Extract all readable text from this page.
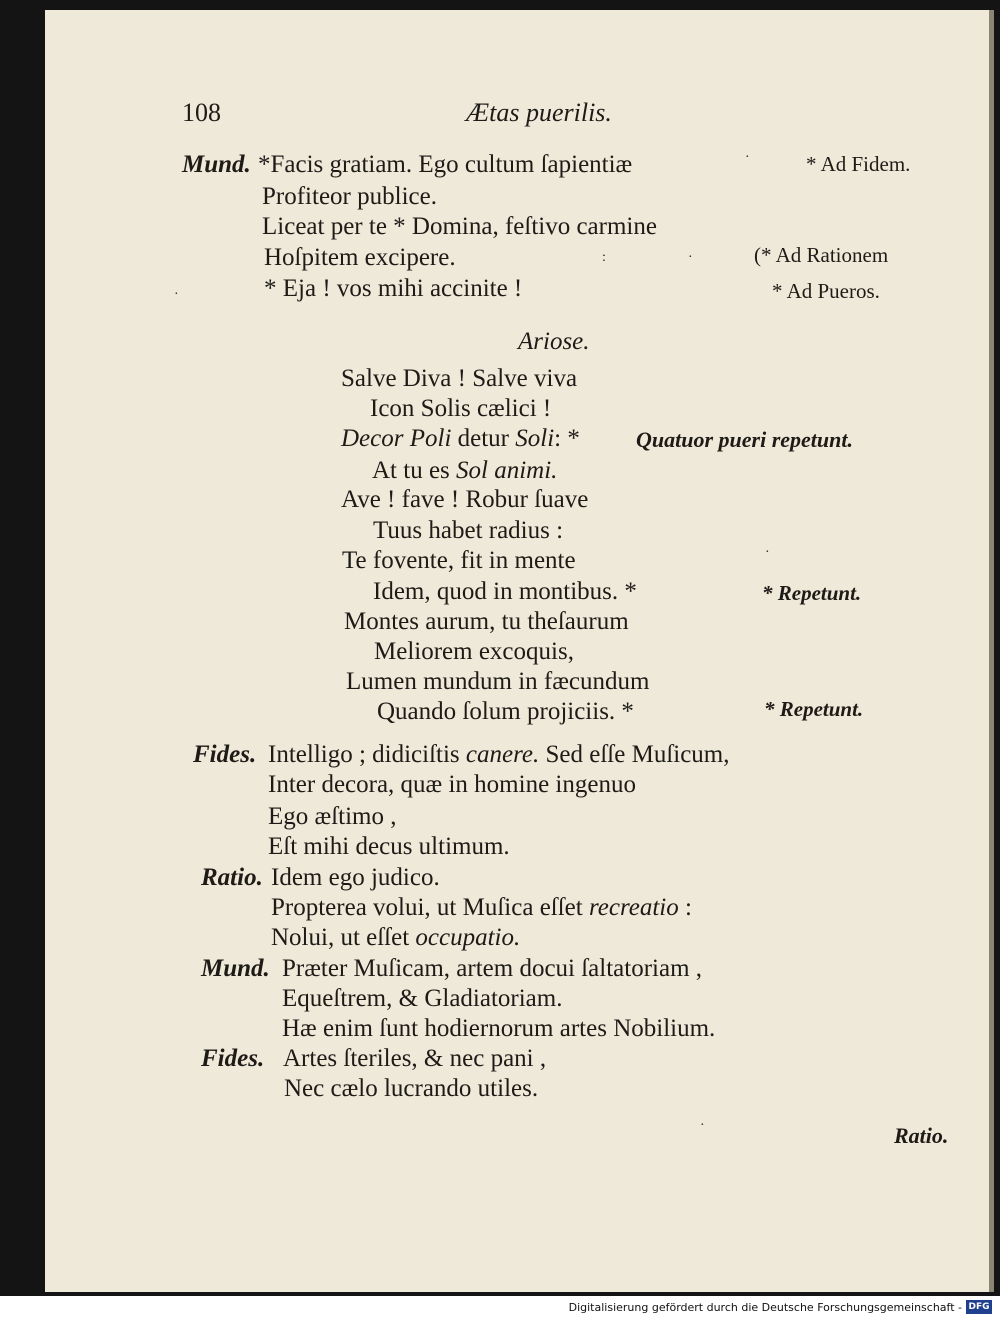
·
:	·
·
·
·
108	Ætas puerilis.
Mund. *Facis gratiam. Ego cultum ſapientiæ	* Ad Fidem.
Profiteor publice.
Liceat per te * Domina, feſtivo carmine
Hoſpitem excipere.	(* Ad Rationem
* Eja ! vos mihi accinite !	* Ad Pueros.
Ariose.
Salve Diva ! Salve viva
Icon Solis cælici !
Decor Poli detur Soli: *	Quatuor pueri repetunt.
At tu es Sol animi.
Ave ! fave ! Robur ſuave
Tuus habet radius :
Te fovente, fit in mente
Idem, quod in montibus. *	* Repetunt.
Montes aurum, tu theſaurum
Meliorem excoquis,
Lumen mundum in fæcundum
Quando ſolum projiciis. *	* Repetunt.
Fides. Intelligo ; didiciſtis canere. Sed eſſe Muſicum,
Inter decora, quæ in homine ingenuo
Ego æſtimo ,
Eſt mihi decus ultimum.
Ratio. Idem ego judico.
Propterea volui, ut Muſica eſſet recreatio :
Nolui, ut eſſet occupatio.
Mund. Præter Muſicam, artem docui ſaltatoriam ,
Equeſtrem, & Gladiatoriam.
Hæ enim ſunt hodiernorum artes Nobilium.
Fides. Artes ſteriles, & nec pani ,
Nec cælo lucrando utiles.
Ratio.
Digitalisierung gefördert durch die Deutsche Forschungsgemeinschaft - DFG
